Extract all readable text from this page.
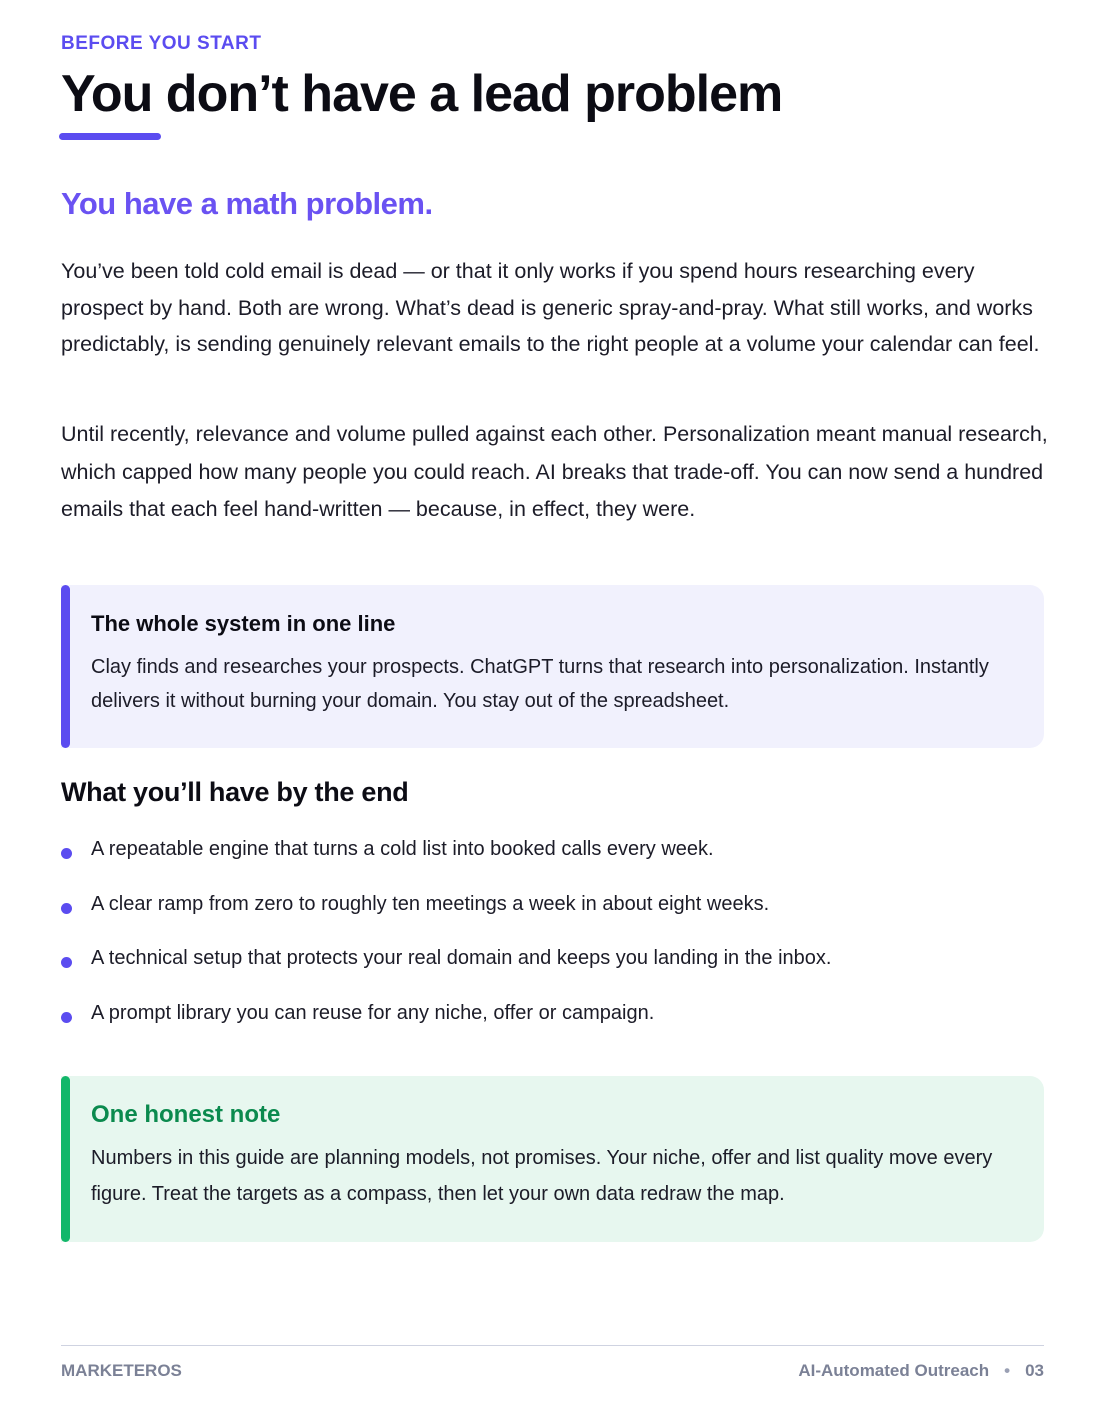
BEFORE YOU START
You don’t have a lead problem
You have a math problem.

You’ve been told cold email is dead — or that it only works if you spend hours researching every prospect by hand. Both are wrong. What’s dead is generic spray-and-pray. What still works, and works predictably, is sending genuinely relevant emails to the right people at a volume your calendar can feel.

Until recently, relevance and volume pulled against each other. Personalization meant manual research, which capped how many people you could reach. AI breaks that trade-off. You can now send a hundred emails that each feel hand-written — because, in effect, they were.

The whole system in one line

Clay finds and researches your prospects. ChatGPT turns that research into personalization. Instantly delivers it without burning your domain. You stay out of the spreadsheet.

What you’ll have by the end
A repeatable engine that turns a cold list into booked calls every week.
A clear ramp from zero to roughly ten meetings a week in about eight weeks.
A technical setup that protects your real domain and keeps you landing in the inbox.
A prompt library you can reuse for any niche, offer or campaign.
One honest note

Numbers in this guide are planning models, not promises. Your niche, offer and list quality move every figure. Treat the targets as a compass, then let your own data redraw the map.

MARKETEROS	AI-Automated Outreach • 03
